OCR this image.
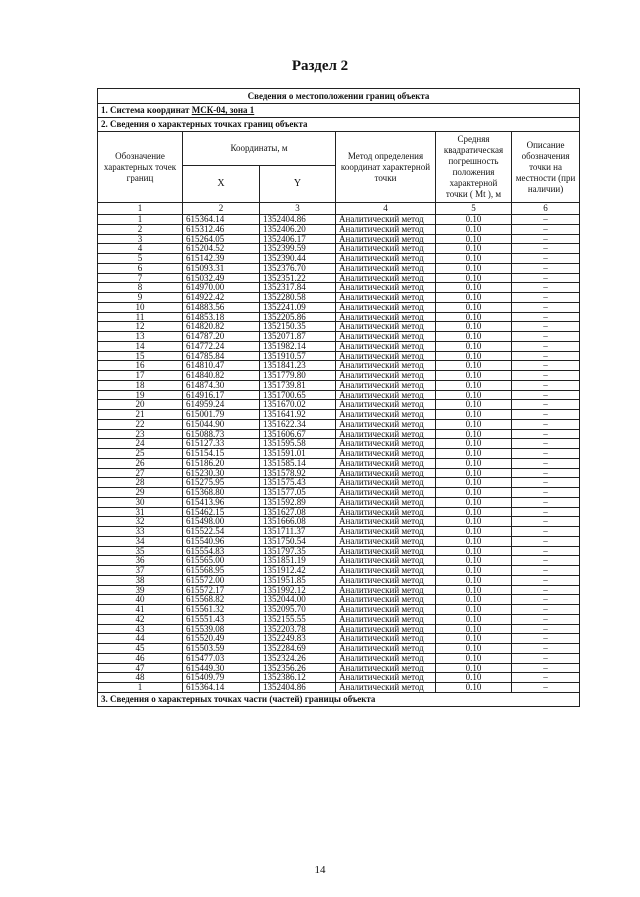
Раздел 2
Сведения о местоположении границ объекта					
1. Система координат МСК-04, зона 1					
2. Сведения о характерных точках границ объекта					
Обозначение характерных точек границ	Координаты, м		Метод определения координат характерной точки	Средняя квадратическая погрешность положения характерной точки ( Mt ), м	Описание обозначения точки на местности (при наличии)
	X	Y			
1	2	3	4	5	6
1	615364.14	1352404.86	Аналитический метод	0.10	–
2	615312.46	1352406.20	Аналитический метод	0.10	–
3	615264.05	1352406.17	Аналитический метод	0.10	–
4	615204.52	1352399.59	Аналитический метод	0.10	–
5	615142.39	1352390.44	Аналитический метод	0.10	–
6	615093.31	1352376.70	Аналитический метод	0.10	–
7	615032.49	1352351.22	Аналитический метод	0.10	–
8	614970.00	1352317.84	Аналитический метод	0.10	–
9	614922.42	1352280.58	Аналитический метод	0.10	–
10	614883.56	1352241.09	Аналитический метод	0.10	–
11	614853.18	1352205.86	Аналитический метод	0.10	–
12	614820.82	1352150.35	Аналитический метод	0.10	–
13	614787.20	1352071.87	Аналитический метод	0.10	–
14	614772.24	1351982.14	Аналитический метод	0.10	–
15	614785.84	1351910.57	Аналитический метод	0.10	–
16	614810.47	1351841.23	Аналитический метод	0.10	–
17	614840.82	1351779.80	Аналитический метод	0.10	–
18	614874.30	1351739.81	Аналитический метод	0.10	–
19	614916.17	1351700.65	Аналитический метод	0.10	–
20	614959.24	1351670.02	Аналитический метод	0.10	–
21	615001.79	1351641.92	Аналитический метод	0.10	–
22	615044.90	1351622.34	Аналитический метод	0.10	–
23	615088.73	1351606.67	Аналитический метод	0.10	–
24	615127.33	1351595.58	Аналитический метод	0.10	–
25	615154.15	1351591.01	Аналитический метод	0.10	–
26	615186.20	1351585.14	Аналитический метод	0.10	–
27	615230.30	1351578.92	Аналитический метод	0.10	–
28	615275.95	1351575.43	Аналитический метод	0.10	–
29	615368.80	1351577.05	Аналитический метод	0.10	–
30	615413.96	1351592.89	Аналитический метод	0.10	–
31	615462.15	1351627.08	Аналитический метод	0.10	–
32	615498.00	1351666.08	Аналитический метод	0.10	–
33	615522.54	1351711.37	Аналитический метод	0.10	–
34	615540.96	1351750.54	Аналитический метод	0.10	–
35	615554.83	1351797.35	Аналитический метод	0.10	–
36	615565.00	1351851.19	Аналитический метод	0.10	–
37	615568.95	1351912.42	Аналитический метод	0.10	–
38	615572.00	1351951.85	Аналитический метод	0.10	–
39	615572.17	1351992.12	Аналитический метод	0.10	–
40	615568.82	1352044.00	Аналитический метод	0.10	–
41	615561.32	1352095.70	Аналитический метод	0.10	–
42	615551.43	1352155.55	Аналитический метод	0.10	–
43	615539.08	1352203.78	Аналитический метод	0.10	–
44	615520.49	1352249.83	Аналитический метод	0.10	–
45	615503.59	1352284.69	Аналитический метод	0.10	–
46	615477.03	1352324.26	Аналитический метод	0.10	–
47	615449.30	1352356.26	Аналитический метод	0.10	–
48	615409.79	1352386.12	Аналитический метод	0.10	–
1	615364.14	1352404.86	Аналитический метод	0.10	–
3. Сведения о характерных точках части (частей) границы объекта					
14
